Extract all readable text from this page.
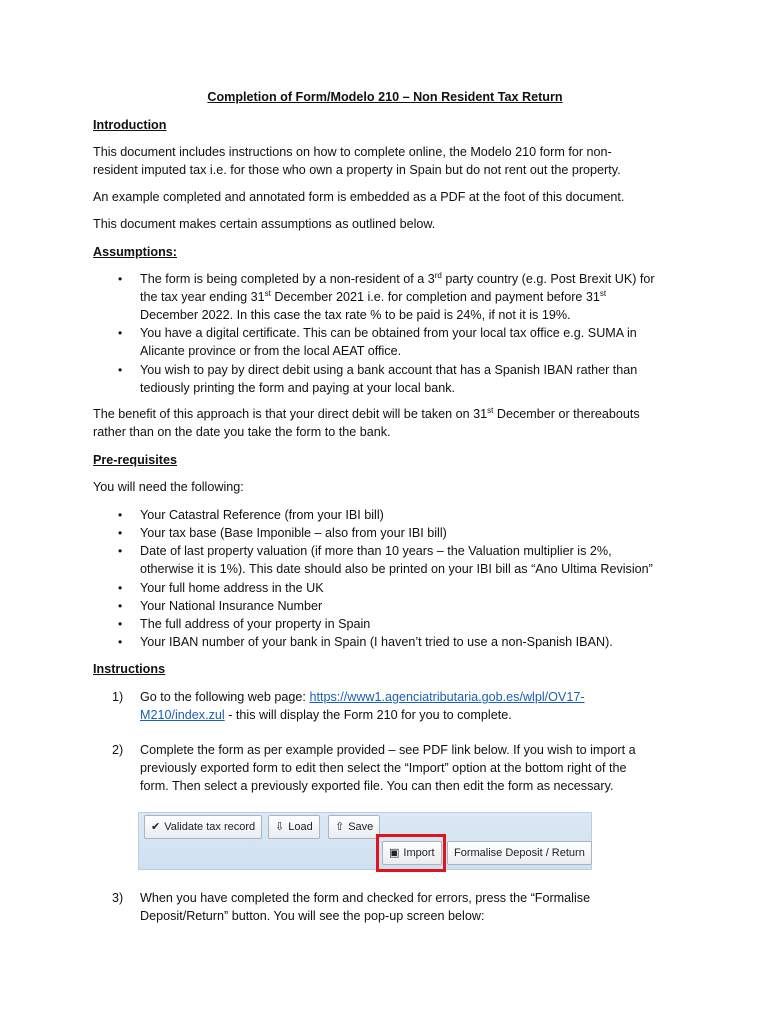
Completion of Form/Modelo 210 – Non Resident Tax Return
Introduction
This document includes instructions on how to complete online, the Modelo 210 form for non-
resident imputed tax i.e. for those who own a property in Spain but do not rent out the property.
An example completed and annotated form is embedded as a PDF at the foot of this document.
This document makes certain assumptions as outlined below.
Assumptions:
• The form is being completed by a non-resident of a 3rd party country (e.g. Post Brexit UK) for
the tax year ending 31st December 2021 i.e. for completion and payment before 31st
December 2022. In this case the tax rate % to be paid is 24%, if not it is 19%.
• You have a digital certificate. This can be obtained from your local tax office e.g. SUMA in
Alicante province or from the local AEAT office.
• You wish to pay by direct debit using a bank account that has a Spanish IBAN rather than
tediously printing the form and paying at your local bank.
The benefit of this approach is that your direct debit will be taken on 31st December or thereabouts
rather than on the date you take the form to the bank.
Pre-requisites
You will need the following:
• Your Catastral Reference (from your IBI bill)
• Your tax base (Base Imponible – also from your IBI bill)
• Date of last property valuation (if more than 10 years – the Valuation multiplier is 2%,
otherwise it is 1%). This date should also be printed on your IBI bill as “Ano Ultima Revision”
• Your full home address in the UK
• Your National Insurance Number
• The full address of your property in Spain
• Your IBAN number of your bank in Spain (I haven’t tried to use a non-Spanish IBAN).
Instructions
1) Go to the following web page: https://www1.agenciatributaria.gob.es/wlpl/OV17-
M210/index.zul - this will display the Form 210 for you to complete.
2) Complete the form as per example provided – see PDF link below. If you wish to import a
previously exported form to edit then select the “Import” option at the bottom right of the
form. Then select a previously exported file. You can then edit the form as necessary.
✔ Validate tax record	⇩ Load	⇧ Save
▣ Import	Formalise Deposit / Return
3) When you have completed the form and checked for errors, press the “Formalise
Deposit/Return” button. You will see the pop-up screen below:
